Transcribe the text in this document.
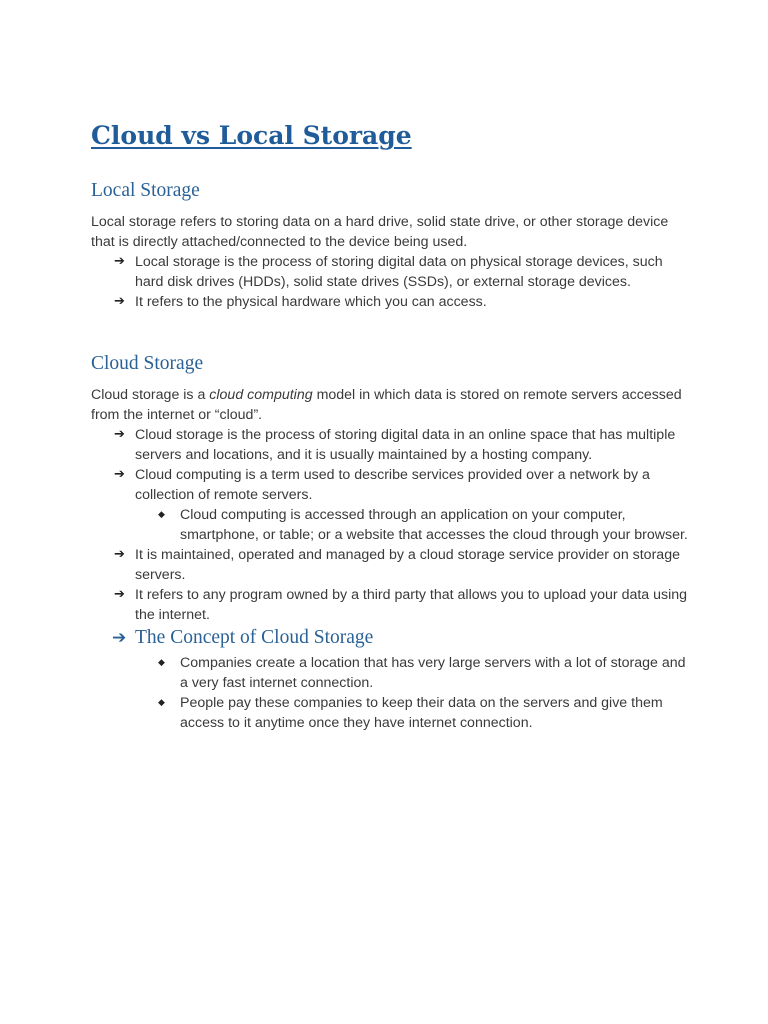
Cloud vs Local Storage
Local Storage

Local storage refers to storing data on a hard drive, solid state drive, or other storage device that is directly attached/connected to the device being used.

➔ Local storage is the process of storing digital data on physical storage devices, such hard disk drives (HDDs), solid state drives (SSDs), or external storage devices.
➔ It refers to the physical hardware which you can access.
Cloud Storage

Cloud storage is a cloud computing model in which data is stored on remote servers accessed from the internet or “cloud”.

➔ Cloud storage is the process of storing digital data in an online space that has multiple servers and locations, and it is usually maintained by a hosting company.
➔ Cloud computing is a term used to describe services provided over a network by a collection of remote servers.
◆ Cloud computing is accessed through an application on your computer, smartphone, or table; or a website that accesses the cloud through your browser.
➔ It is maintained, operated and managed by a cloud storage service provider on storage servers.
➔ It refers to any program owned by a third party that allows you to upload your data using the internet.
➔ The Concept of Cloud Storage
◆ Companies create a location that has very large servers with a lot of storage and a very fast internet connection.
◆ People pay these companies to keep their data on the servers and give them access to it anytime once they have internet connection.
